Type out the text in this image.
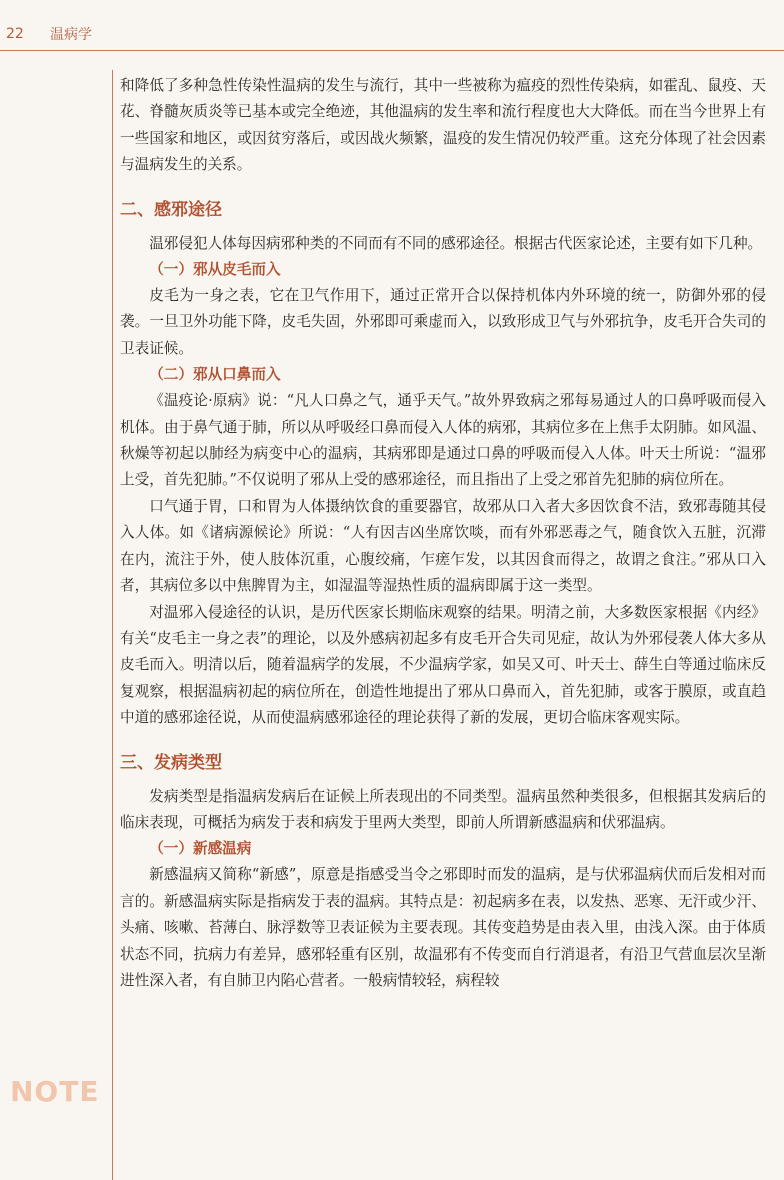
22 温病学
NOTE

和降低了多种急性传染性温病的发生与流行，其中一些被称为瘟疫的烈性传染病，如霍乱、鼠疫、天花、脊髓灰质炎等已基本或完全绝迹，其他温病的发生率和流行程度也大大降低。而在当今世界上有一些国家和地区，或因贫穷落后，或因战火频繁，温疫的发生情况仍较严重。这充分体现了社会因素与温病发生的关系。

二、感邪途径

温邪侵犯人体每因病邪种类的不同而有不同的感邪途径。根据古代医家论述，主要有如下几种。

（一）邪从皮毛而入

皮毛为一身之表，它在卫气作用下，通过正常开合以保持机体内外环境的统一，防御外邪的侵袭。一旦卫外功能下降，皮毛失固，外邪即可乘虚而入，以致形成卫气与外邪抗争，皮毛开合失司的卫表证候。

（二）邪从口鼻而入

《温疫论·原病》说：“凡人口鼻之气，通乎天气。”故外界致病之邪每易通过人的口鼻呼吸而侵入机体。由于鼻气通于肺，所以从呼吸经口鼻而侵入人体的病邪，其病位多在上焦手太阴肺。如风温、秋燥等初起以肺经为病变中心的温病，其病邪即是通过口鼻的呼吸而侵入人体。叶天士所说：“温邪上受，首先犯肺。”不仅说明了邪从上受的感邪途径，而且指出了上受之邪首先犯肺的病位所在。

口气通于胃，口和胃为人体摄纳饮食的重要器官，故邪从口入者大多因饮食不洁，致邪毒随其侵入人体。如《诸病源候论》所说：“人有因吉凶坐席饮啖，而有外邪恶毒之气，随食饮入五脏，沉滞在内，流注于外，使人肢体沉重，心腹绞痛，乍瘥乍发，以其因食而得之，故谓之食注。”邪从口入者，其病位多以中焦脾胃为主，如湿温等湿热性质的温病即属于这一类型。

对温邪入侵途径的认识，是历代医家长期临床观察的结果。明清之前，大多数医家根据《内经》有关“皮毛主一身之表”的理论，以及外感病初起多有皮毛开合失司见症，故认为外邪侵袭人体大多从皮毛而入。明清以后，随着温病学的发展，不少温病学家，如吴又可、叶天士、薛生白等通过临床反复观察，根据温病初起的病位所在，创造性地提出了邪从口鼻而入，首先犯肺，或客于膜原，或直趋中道的感邪途径说，从而使温病感邪途径的理论获得了新的发展，更切合临床客观实际。

三、发病类型

发病类型是指温病发病后在证候上所表现出的不同类型。温病虽然种类很多，但根据其发病后的临床表现，可概括为病发于表和病发于里两大类型，即前人所谓新感温病和伏邪温病。

（一）新感温病

新感温病又简称“新感”，原意是指感受当令之邪即时而发的温病，是与伏邪温病伏而后发相对而言的。新感温病实际是指病发于表的温病。其特点是：初起病多在表，以发热、恶寒、无汗或少汗、头痛、咳嗽、苔薄白、脉浮数等卫表证候为主要表现。其传变趋势是由表入里，由浅入深。由于体质状态不同，抗病力有差异，感邪轻重有区别，故温邪有不传变而自行消退者，有沿卫气营血层次呈渐进性深入者，有自肺卫内陷心营者。一般病情较轻，病程较
